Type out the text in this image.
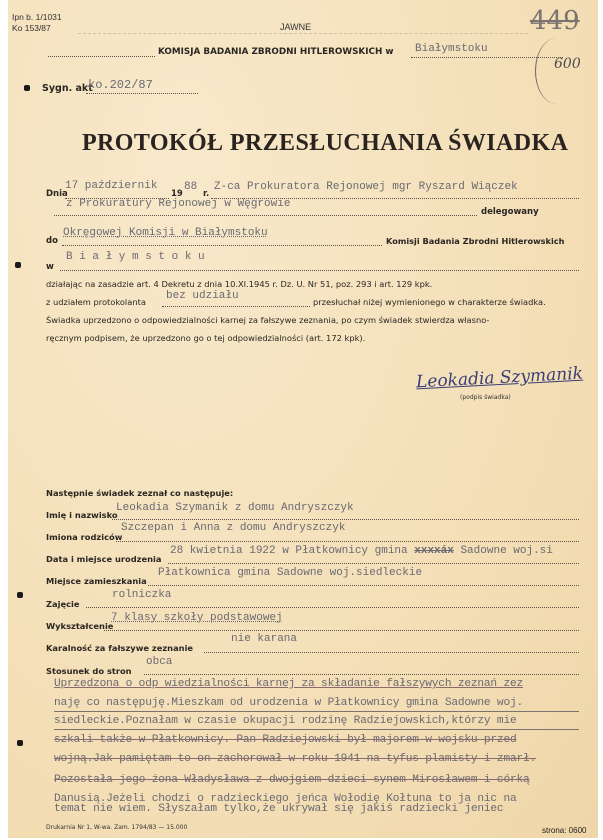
Ipn b. 1/1031
Ko 153/87	JAWNE
KOMISJA BADANIA ZBRODNI HITLEROWSKICH w Białymstoku
449
600
Sygn. akt
ko.202/87
PROTOKÓŁ PRZESŁUCHANIA ŚWIADKA
Dnia
17 październik
19
88
r.
Z-ca Prokuratora Rejonowej mgr Ryszard Wiączek
z Prokuratury Rejonowej w Węgrowie
delegowany
do
Okręgowej Komisji w Białymstoku
Komisji Badania Zbrodni Hitlerowskich
w
B i a ł y m s t o k u
działając na zasadzie art. 4 Dekretu z dnia 10.XI.1945 r. Dz. U. Nr 51, poz. 293 i art. 129 kpk.
z udziałem protokolanta bez udziału	przesłuchał niżej wymienionego w charakterze świadka.
Świadka uprzedzono o odpowiedzialności karnej za fałszywe zeznania, po czym świadek stwierdza własno-
ręcznym podpisem, że uprzedzono go o tej odpowiedzialności (art. 172 kpk).
Leokadia Szymanik
(podpis świadka)
Następnie świadek zeznał co następuje:
Imię i nazwisko
Leokadia Szymanik z domu Andryszczyk
Imiona rodziców
Szczepan i Anna z domu Andryszczyk
Data i miejsce urodzenia
28 kwietnia 1922 w Płatkownicy gmina xxxxáx Sadowne woj.si
Miejsce zamieszkania
Płatkownica gmina Sadowne woj.siedleckie
Zajęcie
rolniczka
Wykształcenie
7 klasy szkoły podstawowej
Karalność za fałszywe zeznanie
nie karana
Stosunek do stron
obca
Uprzedzona o odp wiedzialności karnej za składanie fałszywych zeznań zez
naję co następuję.Mieszkam od urodzenia w Płatkownicy gmina Sadowne woj.
siedleckie.Poznałam w czasie okupacji rodzinę Radziejowskich,którzy mie
szkali także w Płatkownicy. Pan Radziejowski był majorem w wojsku przed
wojną.Jak pamiętam to on zachorował w roku 1941 na tyfus plamisty i zmarł.
Pozostała jego żona Władysława z dwojgiem dzieci synem Mirosławem i córką
Danusią.Jeżeli chodzi o radzieckiego jeńca Wołodię Kołtuna to ja nic na
temat nie wiem. Słyszałam tylko,że ukrywał się jakiś radziecki jeniec
Drukarnia Nr 1, W-wa. Zam. 1794/83 — 15.000	strona: 0600
